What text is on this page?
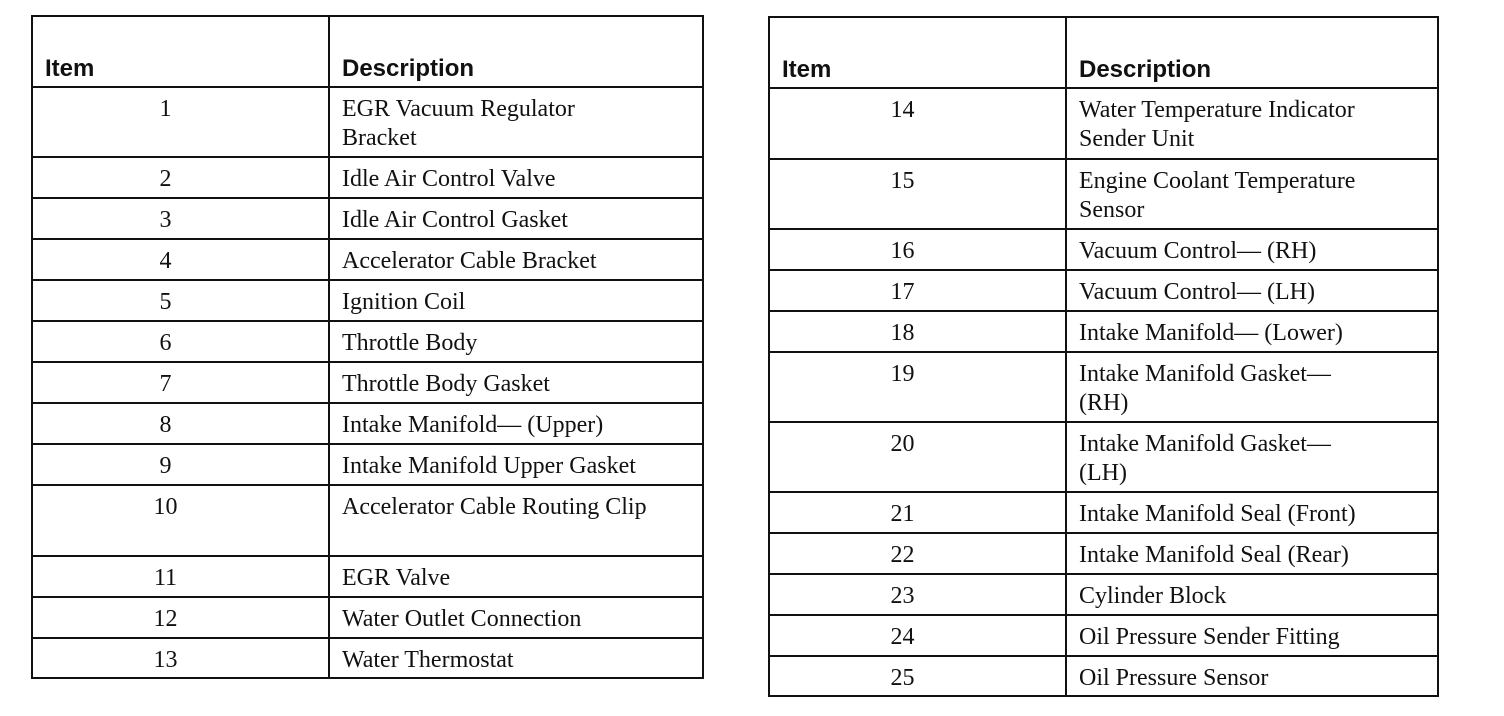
Item	Description
1	EGR Vacuum Regulator Bracket
2	Idle Air Control Valve
3	Idle Air Control Gasket
4	Accelerator Cable Bracket
5	Ignition Coil
6	Throttle Body
7	Throttle Body Gasket
8	Intake Manifold— (Upper)
9	Intake Manifold Upper Gasket
10	Accelerator Cable Routing Clip
11	EGR Valve
12	Water Outlet Connection
13	Water Thermostat
Item	Description
14	Water Temperature Indicator Sender Unit
15	Engine Coolant Temperature Sensor
16	Vacuum Control— (RH)
17	Vacuum Control— (LH)
18	Intake Manifold— (Lower)
19	Intake Manifold Gasket— (RH)
20	Intake Manifold Gasket— (LH)
21	Intake Manifold Seal (Front)
22	Intake Manifold Seal (Rear)
23	Cylinder Block
24	Oil Pressure Sender Fitting
25	Oil Pressure Sensor
